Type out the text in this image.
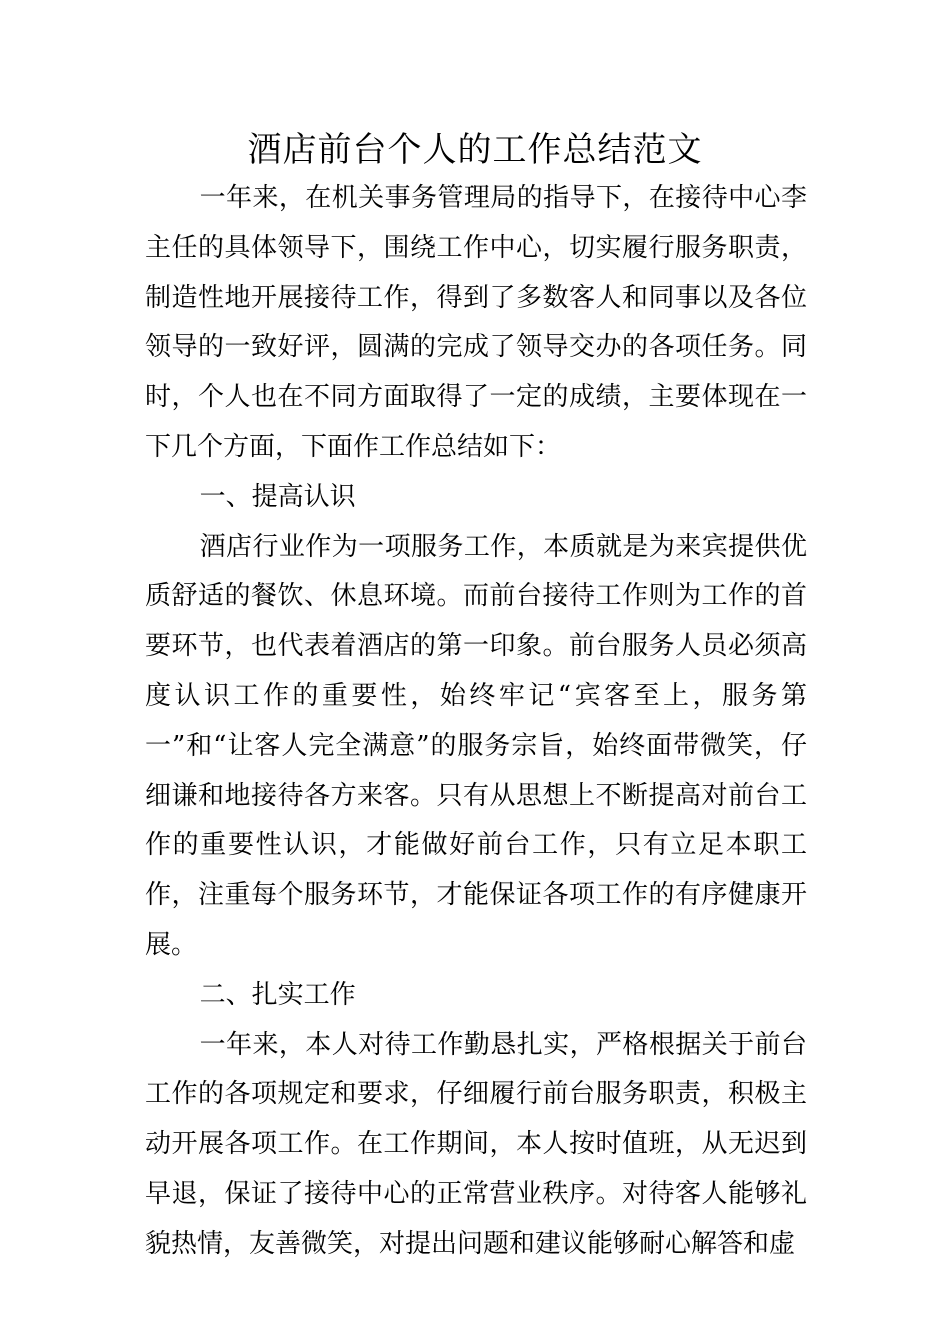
酒店前台个人的工作总结范文

一年来，在机关事务管理局的指导下，在接待中心李主任的具体领导下，围绕工作中心，切实履行服务职责，制造性地开展接待工作，得到了多数客人和同事以及各位领导的一致好评，圆满的完成了领导交办的各项任务。同时，个人也在不同方面取得了一定的成绩，主要体现在一下几个方面，下面作工作总结如下：

一、提高认识

酒店行业作为一项服务工作，本质就是为来宾提供优质舒适的餐饮、休息环境。而前台接待工作则为工作的首要环节，也代表着酒店的第一印象。前台服务人员必须高度认识工作的重要性，始终牢记“宾客至上，服务第一”和“让客人完全满意”的服务宗旨，始终面带微笑，仔细谦和地接待各方来客。只有从思想上不断提高对前台工作的重要性认识，才能做好前台工作，只有立足本职工作，注重每个服务环节，才能保证各项工作的有序健康开展。

二、扎实工作

一年来，本人对待工作勤恳扎实，严格根据关于前台工作的各项规定和要求，仔细履行前台服务职责，积极主动开展各项工作。在工作期间，本人按时值班，从无迟到早退，保证了接待中心的正常营业秩序。对待客人能够礼貌热情，友善微笑，对提出问题和建议能够耐心解答和虚
